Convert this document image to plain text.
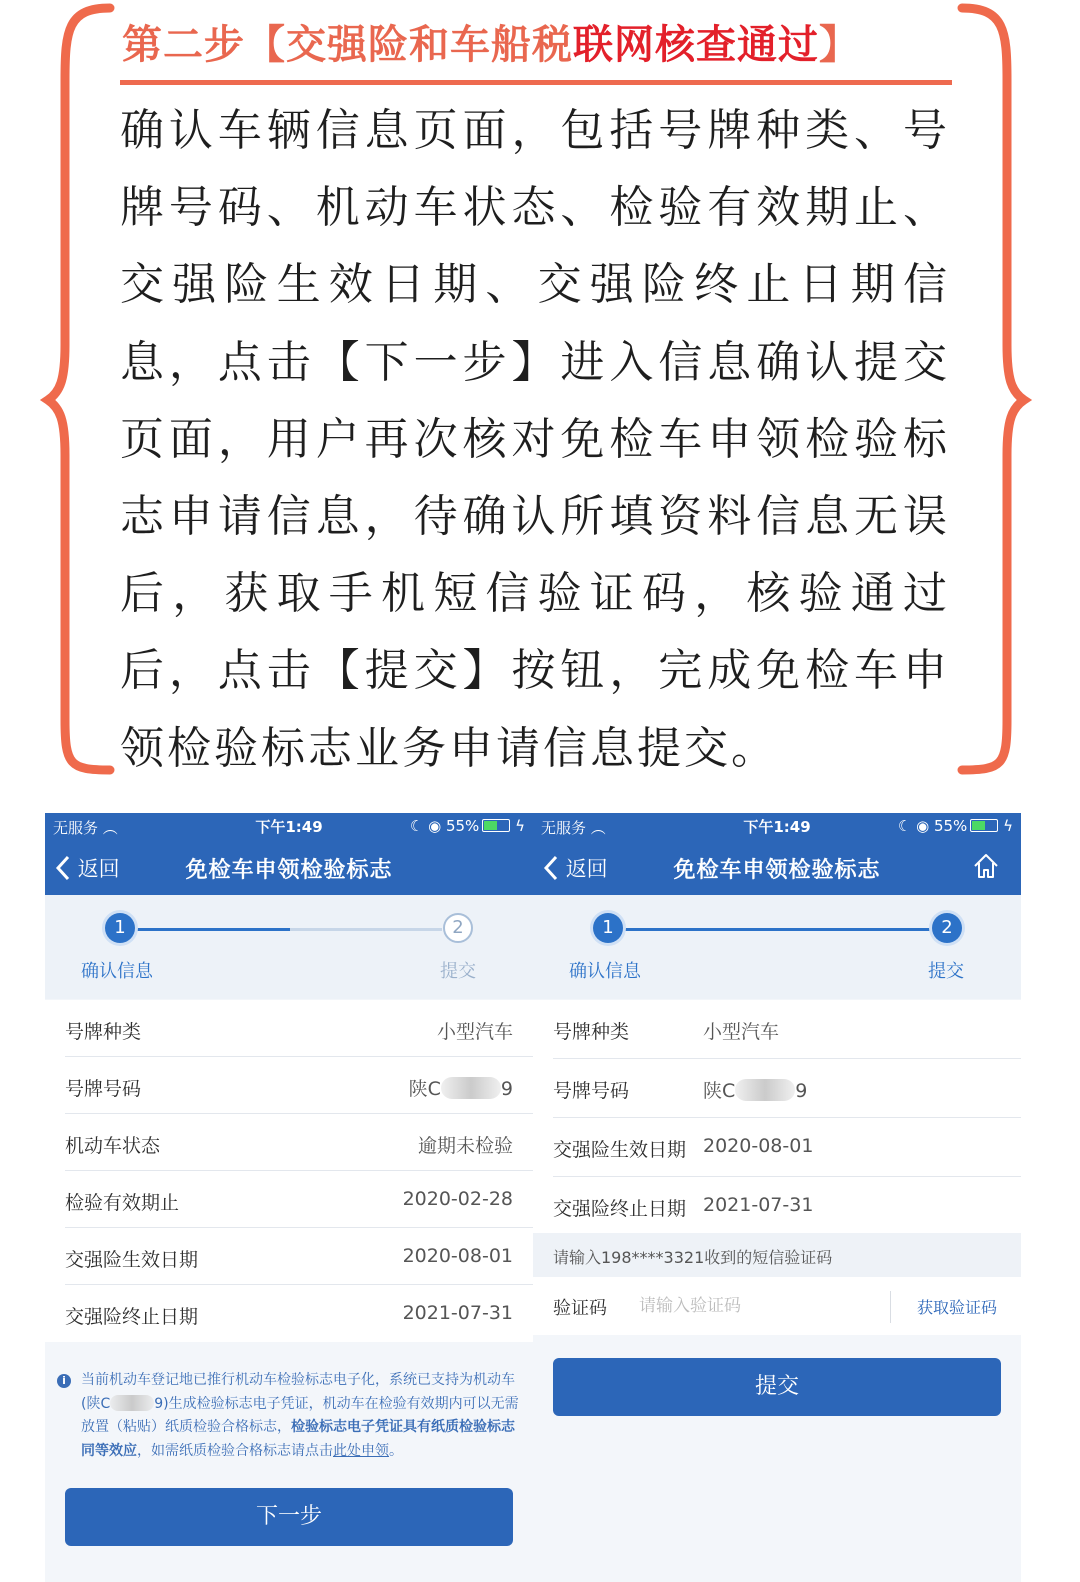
第二步【交强险和车船税联网核查通过】
确认车辆信息页面，包括号牌种类、号牌号码、机动车状态、检验有效期止、交强险生效日期、交强险终止日期信息，点击【下一步】进入信息确认提交页面，用户再次核对免检车申领检验标志申请信息，待确认所填资料信息无误后，获取手机短信验证码，核验通过后，点击【提交】按钮，完成免检车申领检验标志业务申请信息提交。
无服务 ︵	下午1:49	☾ ◉ 55% ϟ
返回	免检车申领检验标志
1	2
确认信息	提交
号牌种类	小型汽车
号牌号码	陕C	9
机动车状态	逾期未检验
检验有效期止	2020-02-28
交强险生效日期	2020-08-01
交强险终止日期	2021-07-31
i	当前机动车登记地已推行机动车检验标志电子化，系统已支持为机动车(陕C	9)生成检验标志电子凭证，机动车在检验有效期内可以无需放置（粘贴）纸质检验合格标志，检验标志电子凭证具有纸质检验标志同等效应，如需纸质检验合格标志请点击此处申领。
下一步
无服务 ︵	下午1:49	☾ ◉ 55% ϟ
返回	免检车申领检验标志
1	2
确认信息	提交
号牌种类	小型汽车
号牌号码	陕C	9
交强险生效日期 2020-08-01
交强险终止日期 2021-07-31
请输入198****3321收到的短信验证码
验证码
请输入验证码	获取验证码
提交
